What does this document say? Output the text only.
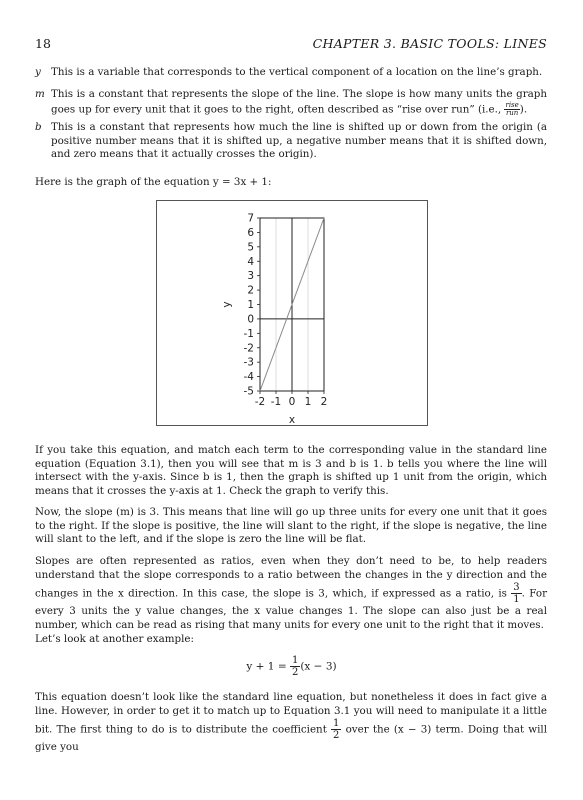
18	CHAPTER 3. BASIC TOOLS: LINES
y This is a variable that corresponds to the vertical component of a location on the line’s graph.
m This is a constant that represents the slope of the line. The slope is how many units the graph goes up for every unit that it goes to the right, often described as “rise over run” (i.e., $\frac{\text{rise}}{\text{run}}$ ).
b This is a constant that represents how much the line is shifted up or down from the origin (a positive number means that it is shifted up, a negative number means that it is shifted down, and zero means that it actually crosses the origin).
Here is the graph of the equation y = 3x + 1:
7
6
5
4
3
2
1
0
-1
-2
-3
-4
-5
-2 -1 0 1 2
x
y
If you take this equation, and match each term to the corresponding value in the standard line equation (Equation 3.1), then you will see that m is 3 and b is 1. b tells you where the line will intersect with the y-axis. Since b is 1, then the graph is shifted up 1 unit from the origin, which means that it crosses the y-axis at 1. Check the graph to verify this.
Now, the slope (m) is 3. This means that line will go up three units for every one unit that it goes to the right. If the slope is positive, the line will slant to the right, if the slope is negative, the line will slant to the left, and if the slope is zero the line will be flat.
Slopes are often represented as ratios, even when they don’t need to be, to help readers understand that the slope corresponds to a ratio between the changes in the y direction and the changes in the x direction. In this case, the slope is 3, which, if expressed as a ratio, is $\frac{3}{1}$ . For every 3 units the y value changes, the x value changes 1. The slope can also just be a real number, which can be read as rising that many units for every one unit to the right that it moves.
Let’s look at another example:
$y + 1 = \frac{1}{2} (x - 3)$
This equation doesn’t look like the standard line equation, but nonetheless it does in fact give a line. However, in order to get it to match up to Equation 3.1 you will need to manipulate it a little bit. The first thing to do is to distribute the coefficient $\frac{1}{2}$ over the (x − 3) term. Doing that will give you
